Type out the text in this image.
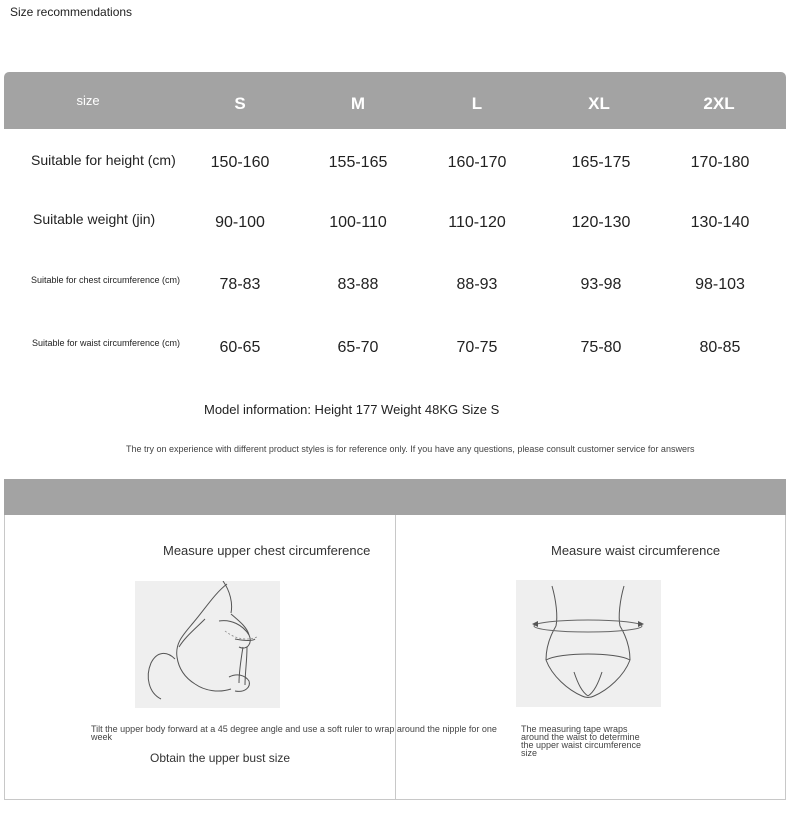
Size recommendations
size	S	M	L	XL	2XL
Suitable for height (cm)	150-160	155-165	160-170	165-175	170-180
Suitable weight (jin)	90-100	100-110	110-120	120-130	130-140
Suitable for chest circumference (cm)	78-83	83-88	88-93	93-98	98-103
Suitable for waist circumference (cm)	60-65	65-70	70-75	75-80	80-85
Model information: Height 177 Weight 48KG Size S
The try on experience with different product styles is for reference only. If you have any questions, please consult customer service for answers
Measure upper chest circumference
Tilt the upper body forward at a 45 degree angle and use a soft ruler to wrap around the nipple for one week
Obtain the upper bust size
Measure waist circumference
The measuring tape wraps around the waist to determine the upper waist circumference size
